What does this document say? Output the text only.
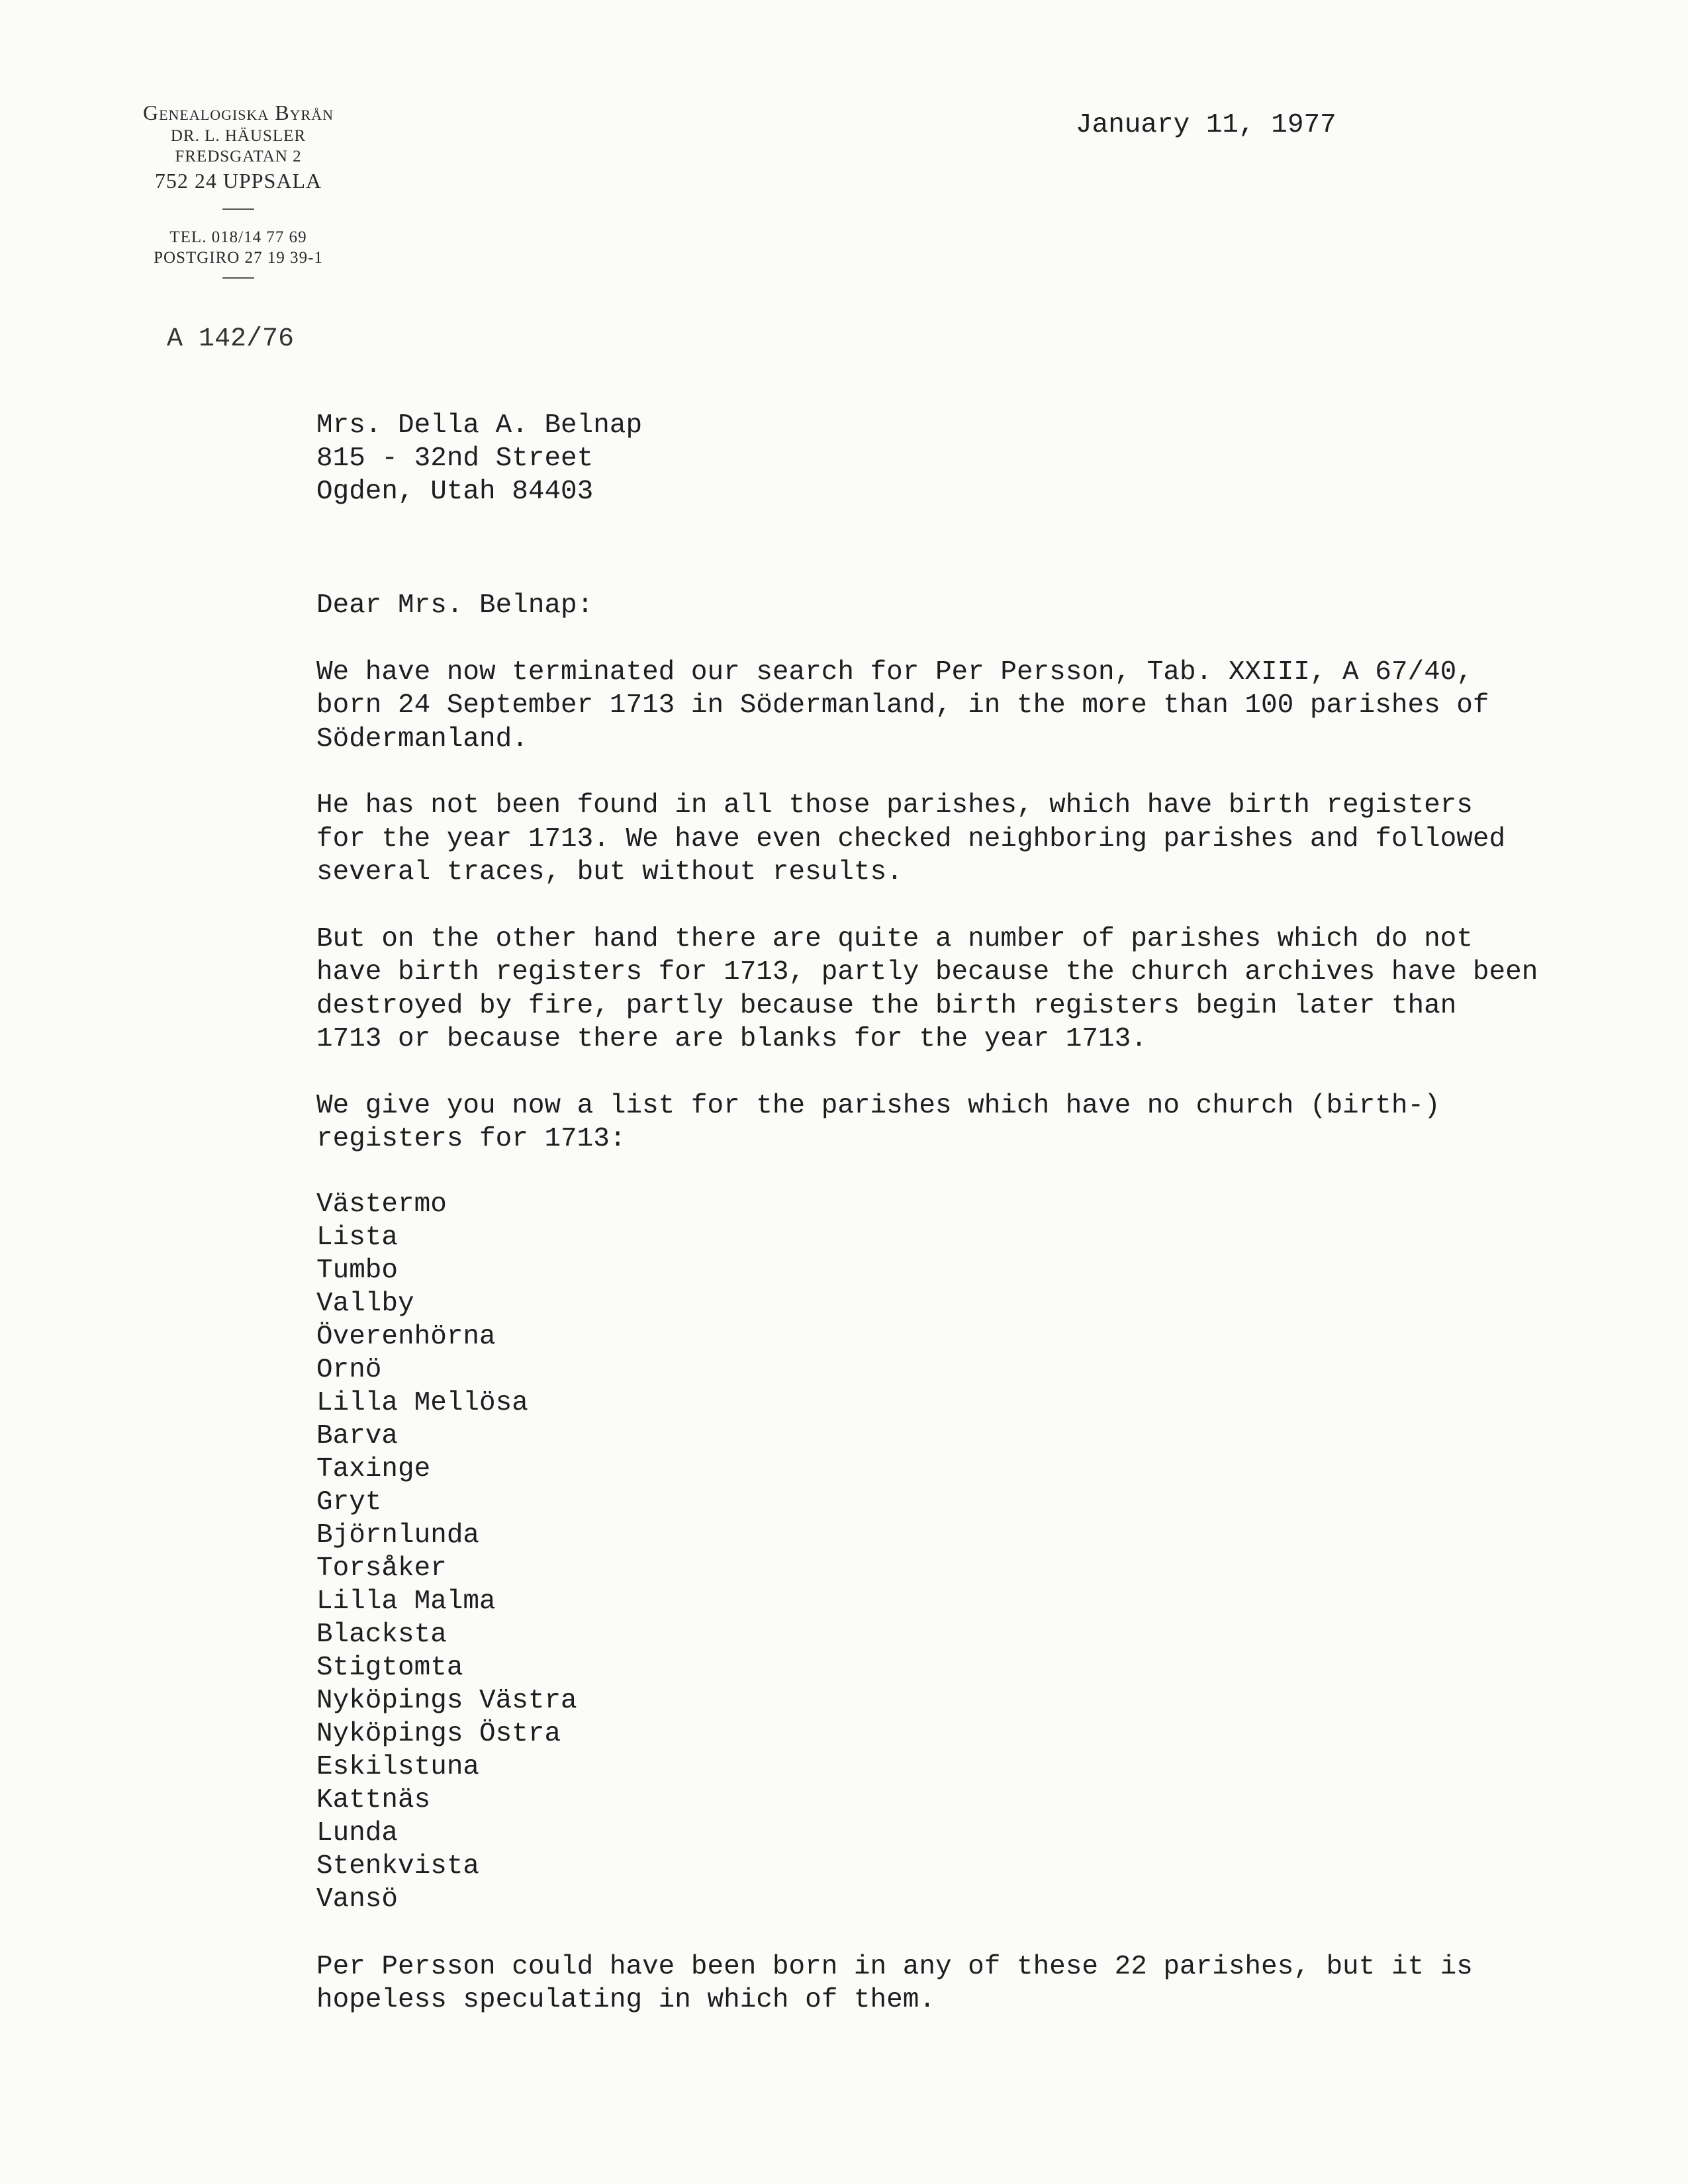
Genealogiska Byrån
DR. L. HÄUSLER
FREDSGATAN 2
752 24 UPPSALA
TEL. 018/14 77 69
POSTGIRO 27 19 39-1
A 142/76
January 11, 1977
Mrs. Della A. Belnap
815 - 32nd Street
Ogden, Utah 84403

Dear Mrs. Belnap:

We have now terminated our search for Per Persson, Tab. XXIII, A 67/40,

born 24 September 1713 in Södermanland, in the more than 100 parishes of

Södermanland.

He has not been found in all those parishes, which have birth registers

for the year 1713. We have even checked neighboring parishes and followed

several traces, but without results.

But on the other hand there are quite a number of parishes which do not

have birth registers for 1713, partly because the church archives have been

destroyed by fire, partly because the birth registers begin later than

1713 or because there are blanks for the year 1713.

We give you now a list for the parishes which have no church (birth-)

registers for 1713:

Västermo
Lista
Tumbo
Vallby
Överenhörna
Ornö
Lilla Mellösa
Barva
Taxinge
Gryt
Björnlunda
Torsåker
Lilla Malma
Blacksta
Stigtomta
Nyköpings Västra
Nyköpings Östra
Eskilstuna
Kattnäs
Lunda
Stenkvista
Vansö

Per Persson could have been born in any of these 22 parishes, but it is

hopeless speculating in which of them.
